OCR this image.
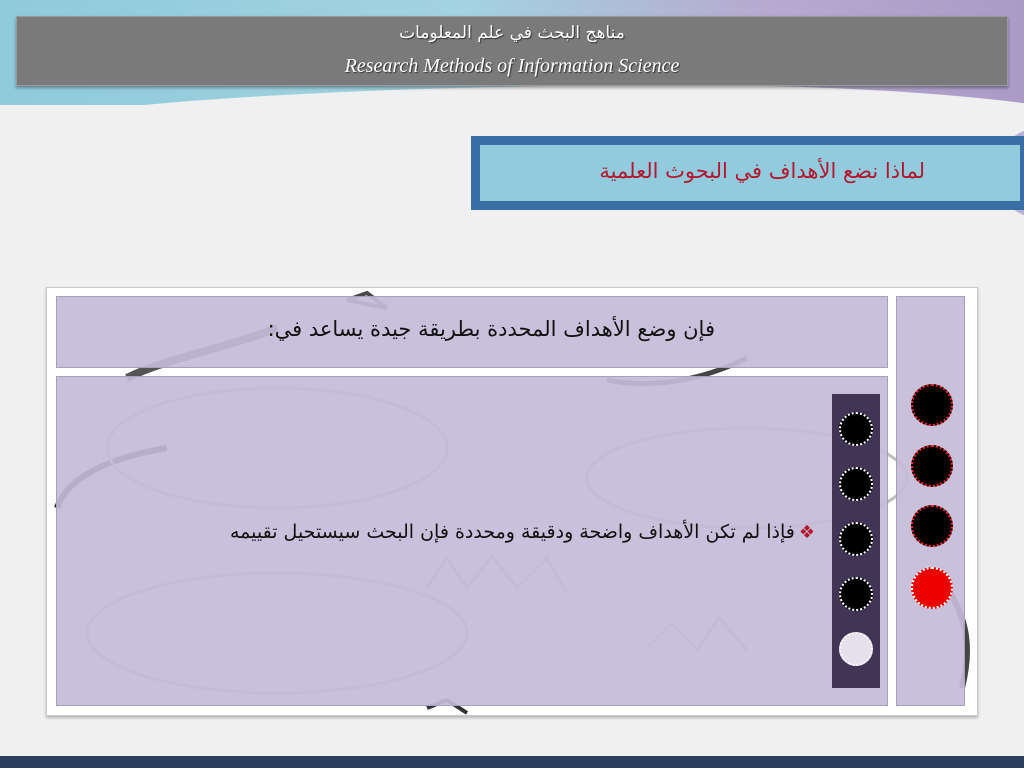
مناهج البحث في علم المعلومات
Research Methods of Information Science
لماذا نضع الأهداف في البحوث العلمية
فإن وضع الأهداف المحددة بطريقة جيدة يساعد في:
❖فإذا لم تكن الأهداف واضحة ودقيقة ومحددة فإن البحث سيستحيل تقييمه
